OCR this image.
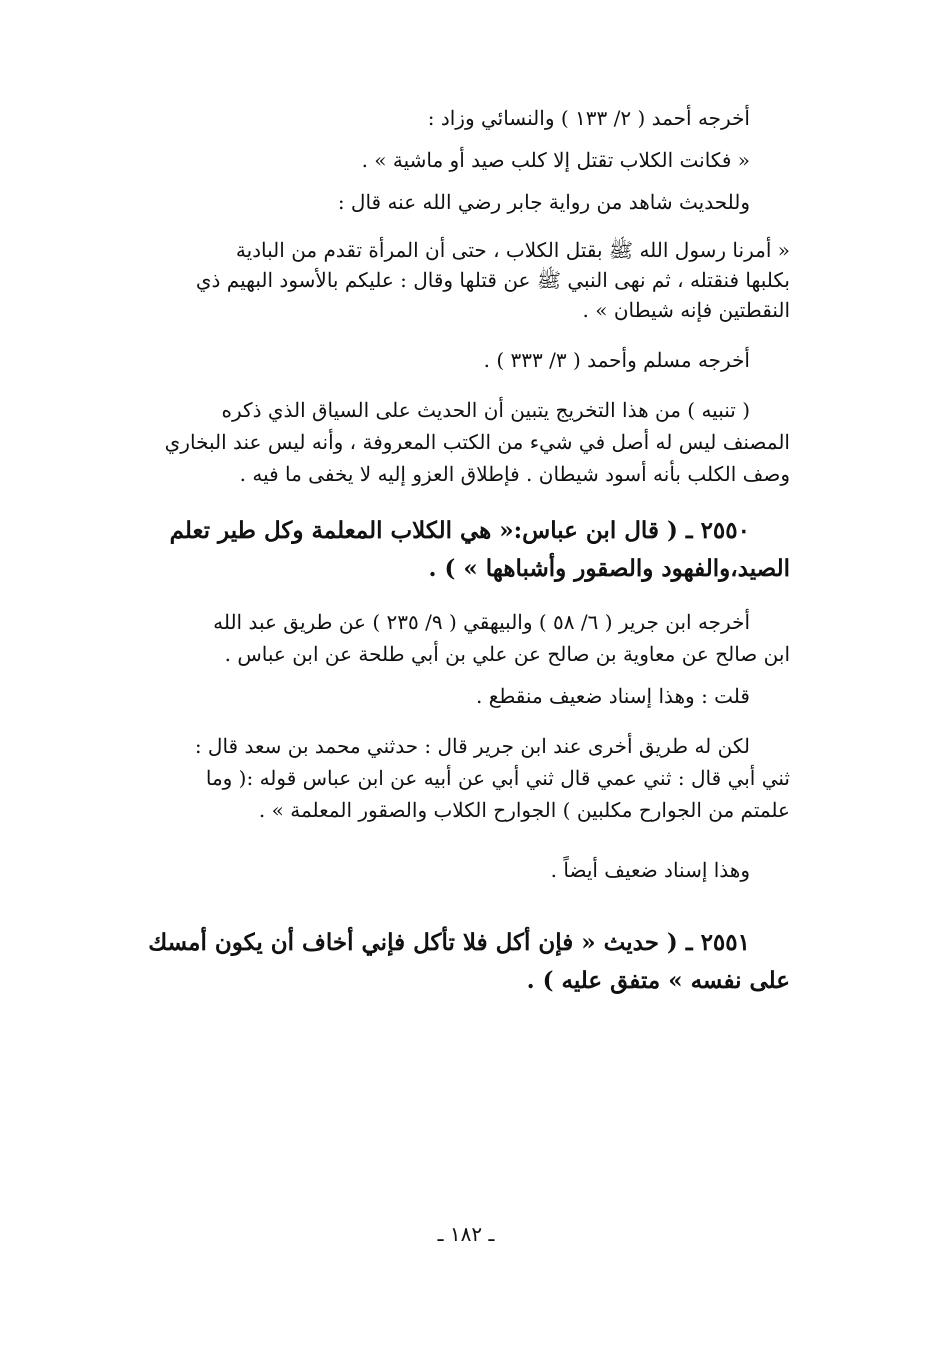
أخرجه أحمد ( ٢/ ١٣٣ ) والنسائي وزاد :
« فكانت الكلاب تقتل إلا كلب صيد أو ماشية » .
وللحديث شاهد من رواية جابر رضي الله عنه قال :
« أمرنا رسول الله ﷺ بقتل الكلاب ، حتى أن المرأة تقدم من البادية
بكلبها فنقتله ، ثم نهى النبي ﷺ عن قتلها وقال : عليكم بالأسود البهيم ذي
النقطتين فإنه شيطان » .
أخرجه مسلم وأحمد ( ٣/ ٣٣٣ ) .
( تنبيه ) من هذا التخريج يتبين أن الحديث على السياق الذي ذكره
المصنف ليس له أصل في شيء من الكتب المعروفة ، وأنه ليس عند البخاري
وصف الكلب بأنه أسود شيطان . فإطلاق العزو إليه لا يخفى ما فيه .
٢٥٥٠ ـ ( قال ابن عباس:« هي الكلاب المعلمة وكل طير تعلم
الصيد،والفهود والصقور وأشباهها » ) .
أخرجه ابن جرير ( ٦/ ٥٨ ) والبيهقي ( ٩/ ٢٣٥ ) عن طريق عبد الله
ابن صالح عن معاوية بن صالح عن علي بن أبي طلحة عن ابن عباس .
قلت : وهذا إسناد ضعيف منقطع .
لكن له طريق أخرى عند ابن جرير قال : حدثني محمد بن سعد قال :
ثني أبي قال : ثني عمي قال ثني أبي عن أبيه عن ابن عباس قوله :( وما
علمتم من الجوارح مكلبين ) الجوارح الكلاب والصقور المعلمة » .
وهذا إسناد ضعيف أيضاً .
٢٥٥١ ـ ( حديث « فإن أكل فلا تأكل فإني أخاف أن يكون أمسك
على نفسه » متفق عليه ) .
ـ ١٨٢ ـ
